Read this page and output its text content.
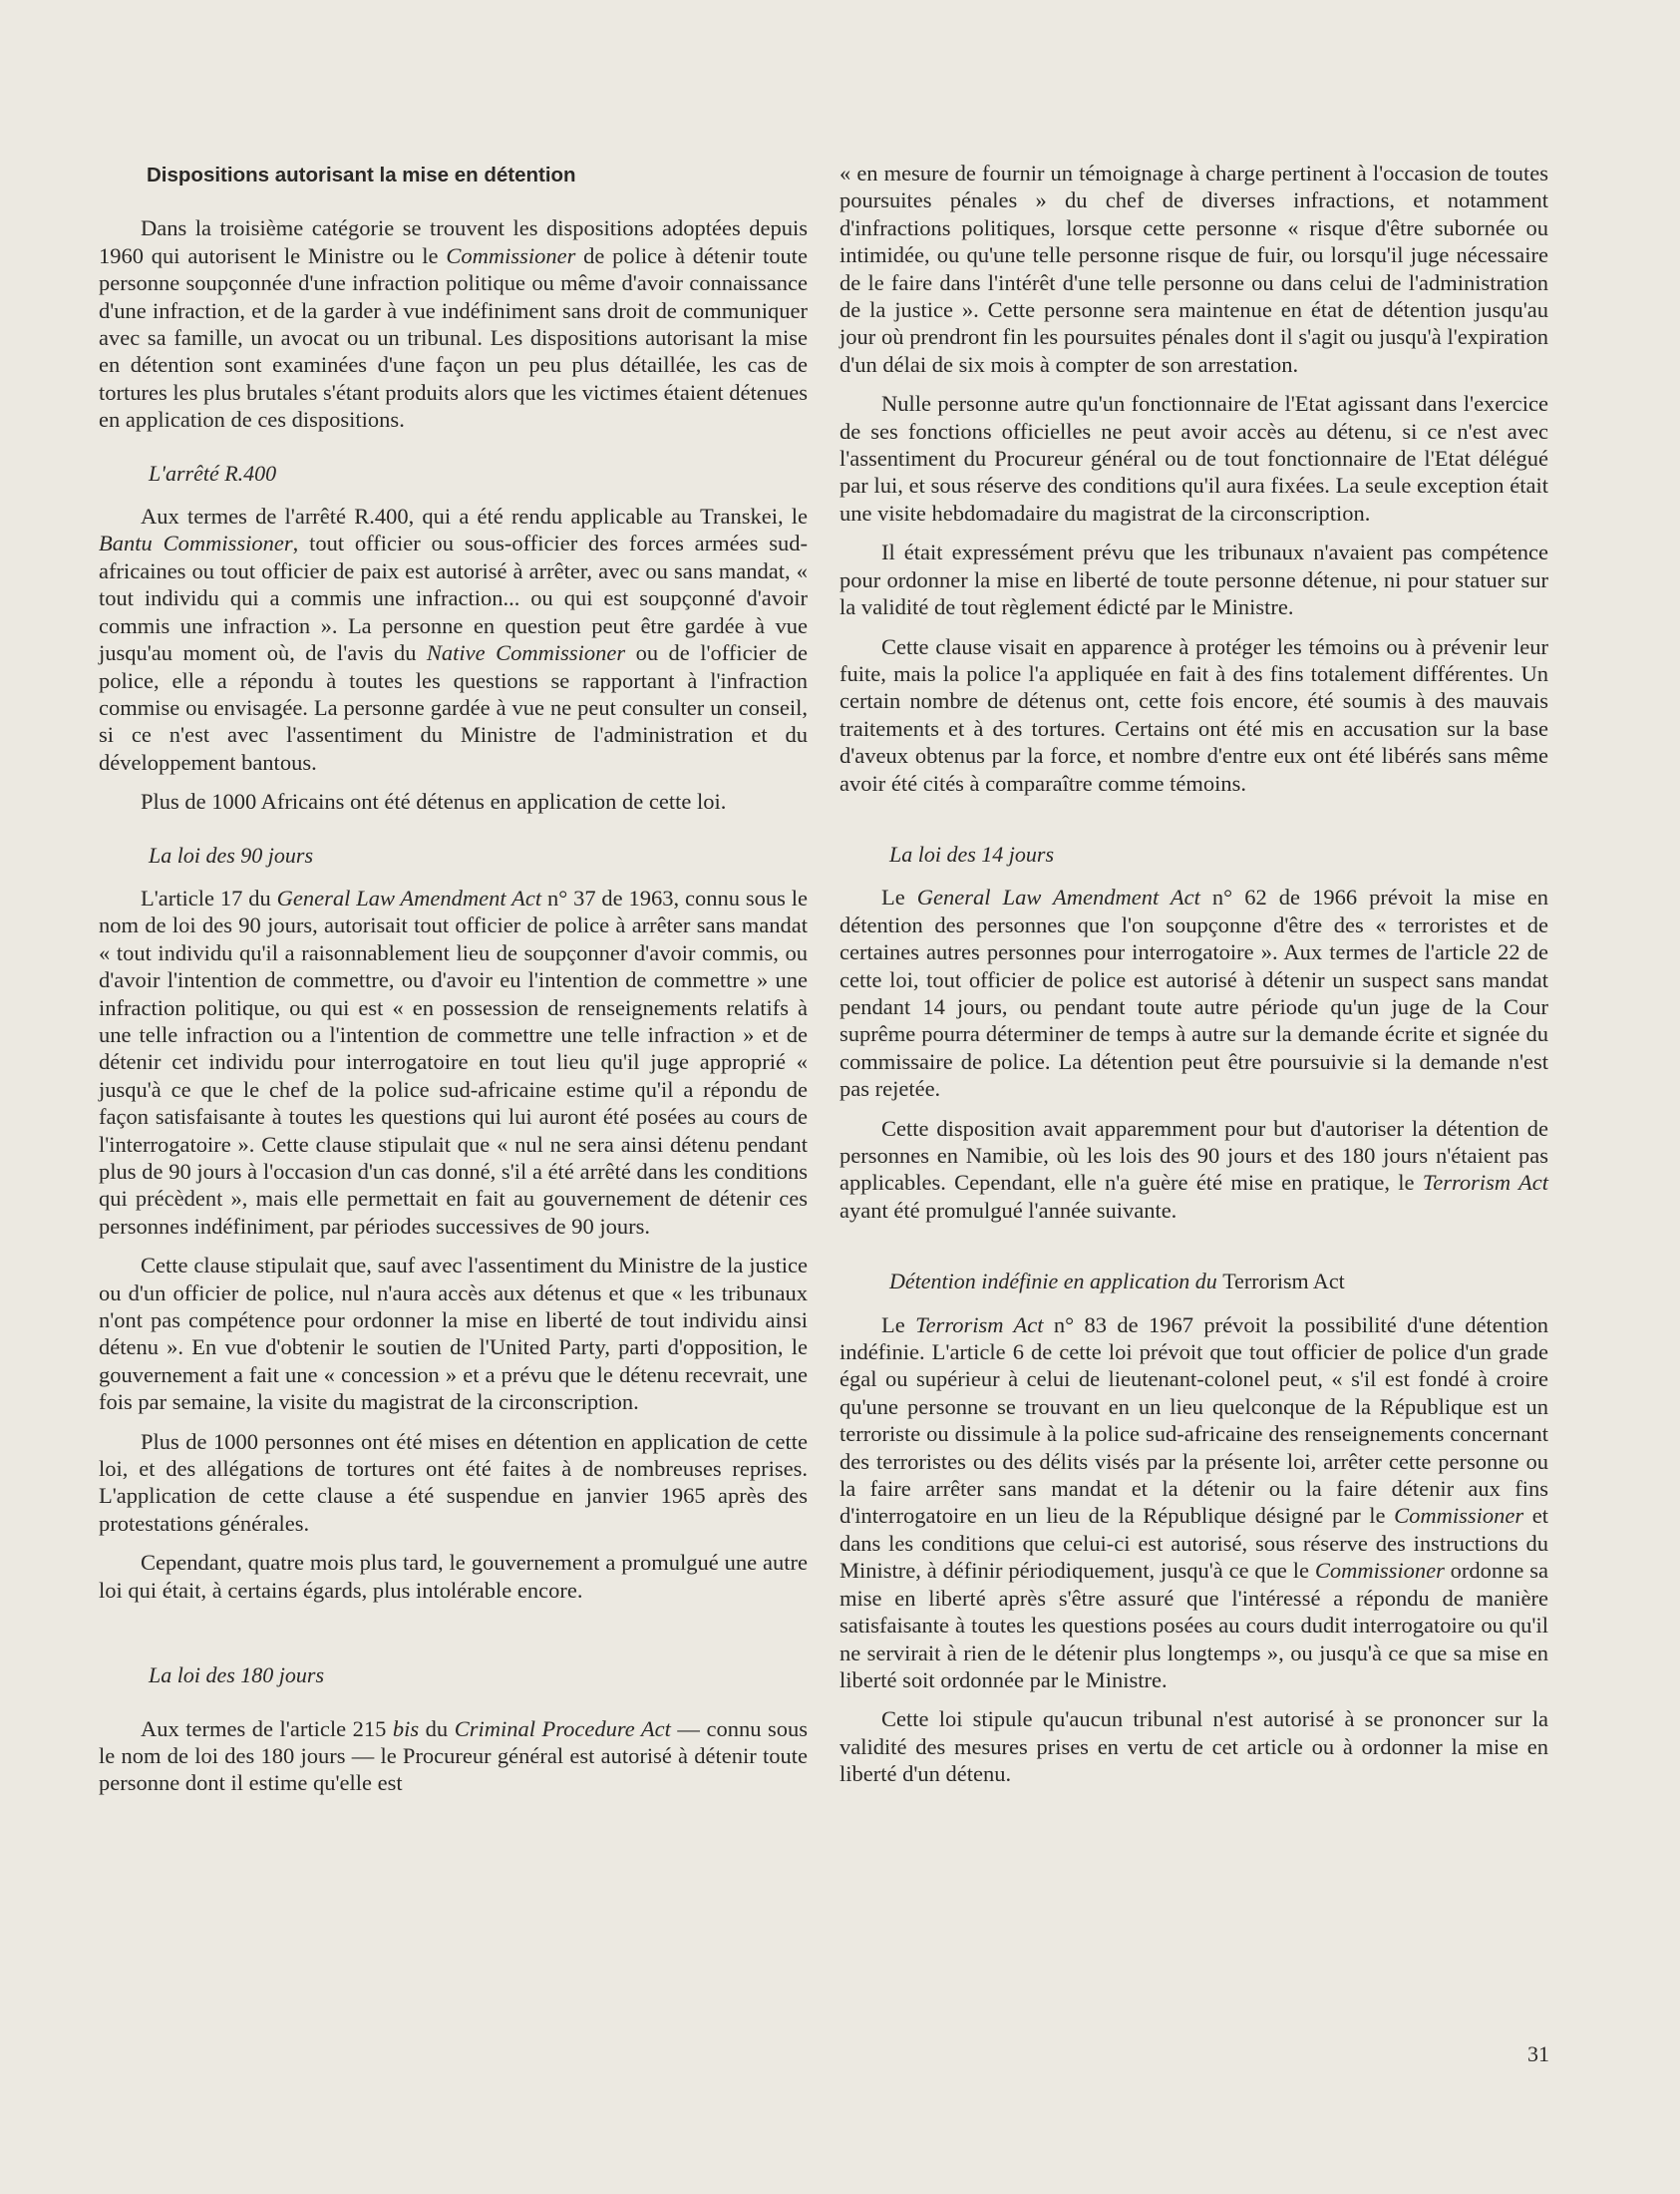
Dispositions autorisant la mise en détention

Dans la troisième catégorie se trouvent les dispositions adoptées depuis 1960 qui autorisent le Ministre ou le Commissioner de police à détenir toute personne soupçonnée d'une infraction politique ou même d'avoir connaissance d'une infraction, et de la garder à vue indéfiniment sans droit de communiquer avec sa famille, un avocat ou un tribunal. Les dispositions autorisant la mise en détention sont examinées d'une façon un peu plus détaillée, les cas de tortures les plus brutales s'étant produits alors que les victimes étaient détenues en application de ces dispositions.

L'arrêté R.400

Aux termes de l'arrêté R.400, qui a été rendu applicable au Transkei, le Bantu Commissioner, tout officier ou sous-officier des forces armées sud-africaines ou tout officier de paix est autorisé à arrêter, avec ou sans mandat, « tout individu qui a commis une infraction... ou qui est soupçonné d'avoir commis une infraction ». La personne en question peut être gardée à vue jusqu'au moment où, de l'avis du Native Commissioner ou de l'officier de police, elle a répondu à toutes les questions se rapportant à l'infraction commise ou envisagée. La personne gardée à vue ne peut consulter un conseil, si ce n'est avec l'assentiment du Ministre de l'administration et du développement bantous.

Plus de 1000 Africains ont été détenus en application de cette loi.

La loi des 90 jours

L'article 17 du General Law Amendment Act n° 37 de 1963, connu sous le nom de loi des 90 jours, autorisait tout officier de police à arrêter sans mandat « tout individu qu'il a raisonnablement lieu de soupçonner d'avoir commis, ou d'avoir l'intention de commettre, ou d'avoir eu l'intention de commettre » une infraction politique, ou qui est « en possession de renseignements relatifs à une telle infraction ou a l'intention de commettre une telle infraction » et de détenir cet individu pour interrogatoire en tout lieu qu'il juge approprié « jusqu'à ce que le chef de la police sud-africaine estime qu'il a répondu de façon satisfaisante à toutes les questions qui lui auront été posées au cours de l'interrogatoire ». Cette clause stipulait que « nul ne sera ainsi détenu pendant plus de 90 jours à l'occasion d'un cas donné, s'il a été arrêté dans les conditions qui précèdent », mais elle permettait en fait au gouvernement de détenir ces personnes indéfiniment, par périodes successives de 90 jours.

Cette clause stipulait que, sauf avec l'assentiment du Ministre de la justice ou d'un officier de police, nul n'aura accès aux détenus et que « les tribunaux n'ont pas compétence pour ordonner la mise en liberté de tout individu ainsi détenu ». En vue d'obtenir le soutien de l'United Party, parti d'opposition, le gouvernement a fait une « concession » et a prévu que le détenu recevrait, une fois par semaine, la visite du magistrat de la circonscription.

Plus de 1000 personnes ont été mises en détention en application de cette loi, et des allégations de tortures ont été faites à de nombreuses reprises. L'application de cette clause a été suspendue en janvier 1965 après des protestations générales.

Cependant, quatre mois plus tard, le gouvernement a promulgué une autre loi qui était, à certains égards, plus intolérable encore.

La loi des 180 jours

Aux termes de l'article 215 bis du Criminal Procedure Act — connu sous le nom de loi des 180 jours — le Procureur général est autorisé à détenir toute personne dont il estime qu'elle est

« en mesure de fournir un témoignage à charge pertinent à l'occasion de toutes poursuites pénales » du chef de diverses infractions, et notamment d'infractions politiques, lorsque cette personne « risque d'être subornée ou intimidée, ou qu'une telle personne risque de fuir, ou lorsqu'il juge nécessaire de le faire dans l'intérêt d'une telle personne ou dans celui de l'administration de la justice ». Cette personne sera maintenue en état de détention jusqu'au jour où prendront fin les poursuites pénales dont il s'agit ou jusqu'à l'expiration d'un délai de six mois à compter de son arrestation.

Nulle personne autre qu'un fonctionnaire de l'Etat agissant dans l'exercice de ses fonctions officielles ne peut avoir accès au détenu, si ce n'est avec l'assentiment du Procureur général ou de tout fonctionnaire de l'Etat délégué par lui, et sous réserve des conditions qu'il aura fixées. La seule exception était une visite hebdomadaire du magistrat de la circonscription.

Il était expressément prévu que les tribunaux n'avaient pas compétence pour ordonner la mise en liberté de toute personne détenue, ni pour statuer sur la validité de tout règlement édicté par le Ministre.

Cette clause visait en apparence à protéger les témoins ou à prévenir leur fuite, mais la police l'a appliquée en fait à des fins totalement différentes. Un certain nombre de détenus ont, cette fois encore, été soumis à des mauvais traitements et à des tortures. Certains ont été mis en accusation sur la base d'aveux obtenus par la force, et nombre d'entre eux ont été libérés sans même avoir été cités à comparaître comme témoins.

La loi des 14 jours

Le General Law Amendment Act n° 62 de 1966 prévoit la mise en détention des personnes que l'on soupçonne d'être des « terroristes et de certaines autres personnes pour interrogatoire ». Aux termes de l'article 22 de cette loi, tout officier de police est autorisé à détenir un suspect sans mandat pendant 14 jours, ou pendant toute autre période qu'un juge de la Cour suprême pourra déterminer de temps à autre sur la demande écrite et signée du commissaire de police. La détention peut être poursuivie si la demande n'est pas rejetée.

Cette disposition avait apparemment pour but d'autoriser la détention de personnes en Namibie, où les lois des 90 jours et des 180 jours n'étaient pas applicables. Cependant, elle n'a guère été mise en pratique, le Terrorism Act ayant été promulgué l'année suivante.

Détention indéfinie en application du Terrorism Act

Le Terrorism Act n° 83 de 1967 prévoit la possibilité d'une détention indéfinie. L'article 6 de cette loi prévoit que tout officier de police d'un grade égal ou supérieur à celui de lieutenant-colonel peut, « s'il est fondé à croire qu'une personne se trouvant en un lieu quelconque de la République est un terroriste ou dissimule à la police sud-africaine des renseignements concernant des terroristes ou des délits visés par la présente loi, arrêter cette personne ou la faire arrêter sans mandat et la détenir ou la faire détenir aux fins d'interrogatoire en un lieu de la République désigné par le Commissioner et dans les conditions que celui-ci est autorisé, sous réserve des instructions du Ministre, à définir périodiquement, jusqu'à ce que le Commissioner ordonne sa mise en liberté après s'être assuré que l'intéressé a répondu de manière satisfaisante à toutes les questions posées au cours dudit interrogatoire ou qu'il ne servirait à rien de le détenir plus longtemps », ou jusqu'à ce que sa mise en liberté soit ordonnée par le Ministre.

Cette loi stipule qu'aucun tribunal n'est autorisé à se prononcer sur la validité des mesures prises en vertu de cet article ou à ordonner la mise en liberté d'un détenu.

31
